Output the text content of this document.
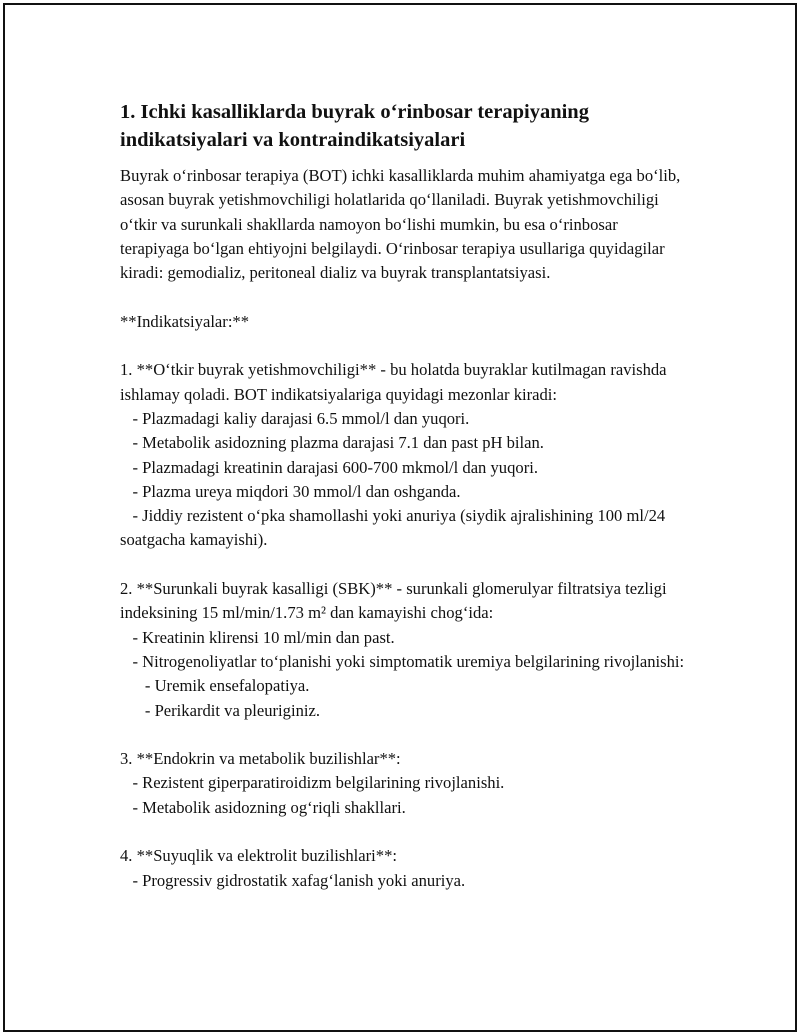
1. Ichki kasalliklarda buyrak o‘rinbosar terapiyaning indikatsiyalari va kontraindikatsiyalari

Buyrak o‘rinbosar terapiya (BOT) ichki kasalliklarda muhim ahamiyatga ega bo‘lib, asosan buyrak yetishmovchiligi holatlarida qo‘llaniladi. Buyrak yetishmovchiligi o‘tkir va surunkali shakllarda namoyon bo‘lishi mumkin, bu esa o‘rinbosar terapiyaga bo‘lgan ehtiyojni belgilaydi. O‘rinbosar terapiya usullariga quyidagilar kiradi: gemodializ, peritoneal dializ va buyrak transplantatsiyasi.

**Indikatsiyalar:**

1. **O‘tkir buyrak yetishmovchiligi** - bu holatda buyraklar kutilmagan ravishda ishlamay qoladi. BOT indikatsiyalariga quyidagi mezonlar kiradi:

- Plazmadagi kaliy darajasi 6.5 mmol/l dan yuqori.

- Metabolik asidozning plazma darajasi 7.1 dan past pH bilan.

- Plazmadagi kreatinin darajasi 600-700 mkmol/l dan yuqori.

- Plazma ureya miqdori 30 mmol/l dan oshganda.

- Jiddiy rezistent o‘pka shamollashi yoki anuriya (siydik ajralishining 100 ml/24 soatgacha kamayishi).

2. **Surunkali buyrak kasalligi (SBK)** - surunkali glomerulyar filtratsiya tezligi indeksining 15 ml/min/1.73 m² dan kamayishi chog‘ida:

- Kreatinin klirensi 10 ml/min dan past.

- Nitrogenoliyatlar to‘planishi yoki simptomatik uremiya belgilarining rivojlanishi:

- Uremik ensefalopatiya.

- Perikardit va pleuriginiz.

3. **Endokrin va metabolik buzilishlar**:

- Rezistent giperparatiroidizm belgilarining rivojlanishi.

- Metabolik asidozning og‘riqli shakllari.

4. **Suyuqlik va elektrolit buzilishlari**:

- Progressiv gidrostatik xafag‘lanish yoki anuriya.
